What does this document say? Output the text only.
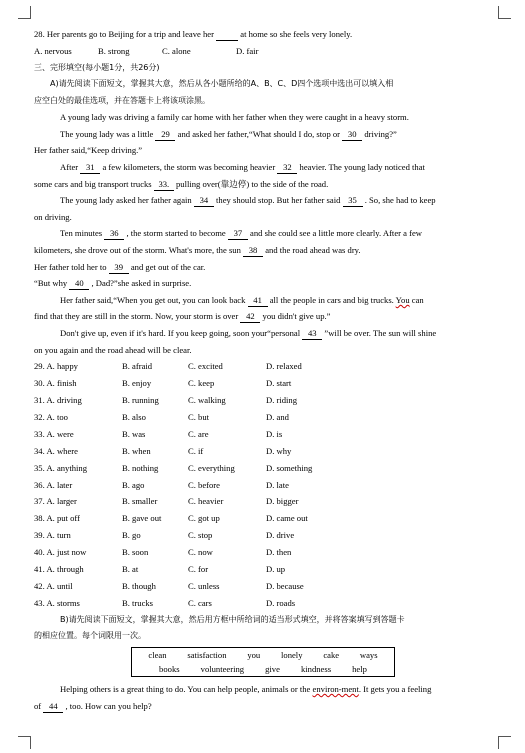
28. Her parents go to Beijing for a trip and leave her	at home so she feels very lonely.
A. nervous	B. strong	C. alone	D. fair
三、完形填空(每小题1分，共26分)
A)请先阅读下面短文，掌握其大意，然后从各小题所给的A、B、C、D四个选项中选出可以填入相
应空白处的最佳选项，并在答题卡上将该项涂黑。
A young lady was driving a family car home with her father when they were caught in a heavy storm.
The young lady was a little 29 and asked her father,“What should I do, stop or 30 driving?”
Her father said,“Keep driving.”
After 31 a few kilometers, the storm was becoming heavier 32 heavier. The young lady noticed that
some cars and big transport trucks 33. pulling over(靠边停) to the side of the road.
The young lady asked her father again 34 they should stop. But her father said 35 . So, she had to keep
on driving.
Ten minutes 36 , the storm started to become 37 and she could see a little more clearly. After a few
kilometers, she drove out of the storm. What's more, the sun 38 and the road ahead was dry.
Her father told her to 39 and get out of the car.
“But why 40 , Dad?”she asked in surprise.
Her father said,“When you get out, you can look back 41 all the people in cars and big trucks. You can
find that they are still in the storm. Now, your storm is over 42 you didn't give up.”
Don't give up, even if it's hard. If you keep going, soon your“personal 43 ”will be over. The sun will shine
on you again and the road ahead will be clear.
29. A. happy	B. afraid	C. excited	D. relaxed
30. A. finish	B. enjoy	C. keep	D. start
31. A. driving	B. running	C. walking	D. riding
32. A. too	B. also	C. but	D. and
33. A. were	B. was	C. are	D. is
34. A. where	B. when	C. if	D. why
35. A. anything	B. nothing	C. everything	D. something
36. A. later	B. ago	C. before	D. late
37. A. larger	B. smaller	C. heavier	D. bigger
38. A. put off	B. gave out	C. got up	D. came out
39. A. turn	B. go	C. stop	D. drive
40. A. just now	B. soon	C. now	D. then
41. A. through	B. at	C. for	D. up
42. A. until	B. though	C. unless	D. because
43. A. storms	B. trucks	C. cars	D. roads
B)请先阅读下面短文，掌握其大意，然后用方框中所给词的适当形式填空，并将答案填写到答题卡
的相应位置。每个词限用一次。
clean satisfaction you lonely cake ways
books volunteering give kindness help
Helping others is a great thing to do. You can help people, animals or the environ-ment. It gets you a feeling
of 44 , too. How can you help?
